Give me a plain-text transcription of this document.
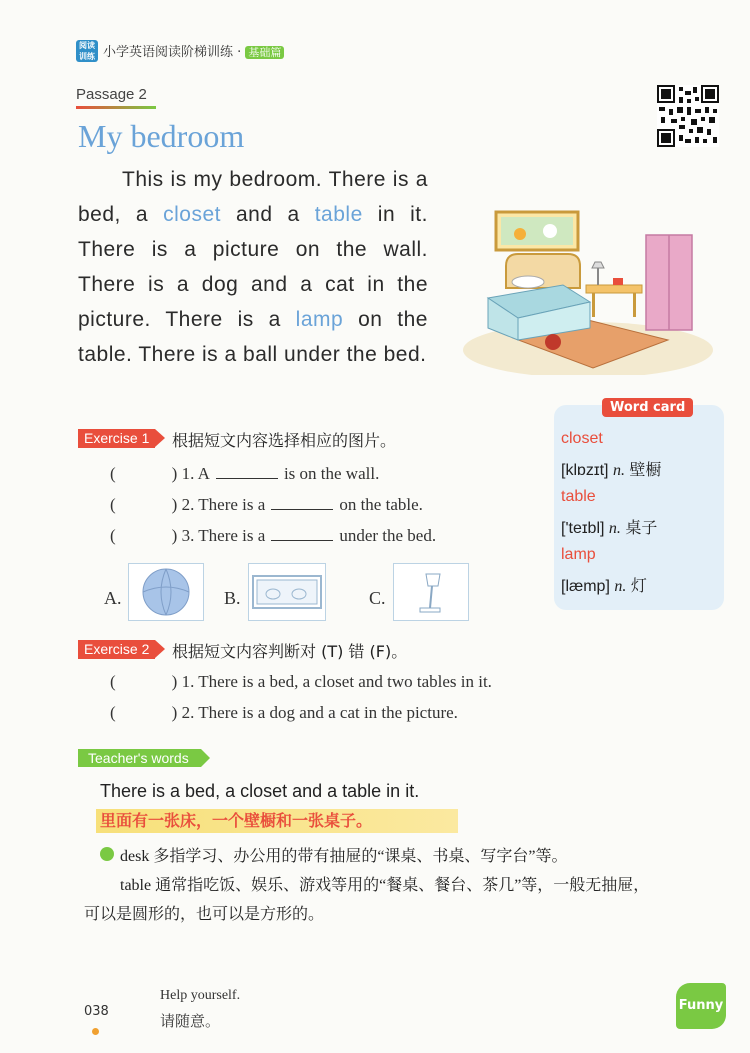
阅读训练 小学英语阅读阶梯训练 · 基础篇
Passage 2
My bedroom

This is my bedroom. There is a bed, a closet and a table in it. There is a picture on the wall. There is a dog and a cat in the picture. There is a lamp on the table. There is a ball under the bed.

Word card
closet
[klɒzɪt] n. 壁橱
table
['teɪbl] n. 桌子
lamp
[læmp] n. 灯
Exercise 1	根据短文内容选择相应的图片。
(	) 1. A	is on the wall.
(	) 2. There is a	on the table.
(	) 3. There is a	under the bed.
A.	B.	C.
Exercise 2	根据短文内容判断对 (T) 错 (F)。
(	) 1. There is a bed, a closet and two tables in it.
(	) 2. There is a dog and a cat in the picture.
Teacher's words
There is a bed, a closet and a table in it.
里面有一张床，一个壁橱和一张桌子。
desk 多指学习、办公用的带有抽屉的“课桌、书桌、写字台”等。
table 通常指吃饭、娱乐、游戏等用的“餐桌、餐台、茶几”等，一般无抽屉，
可以是圆形的，也可以是方形的。
038
Help yourself.
请随意。
Funny
